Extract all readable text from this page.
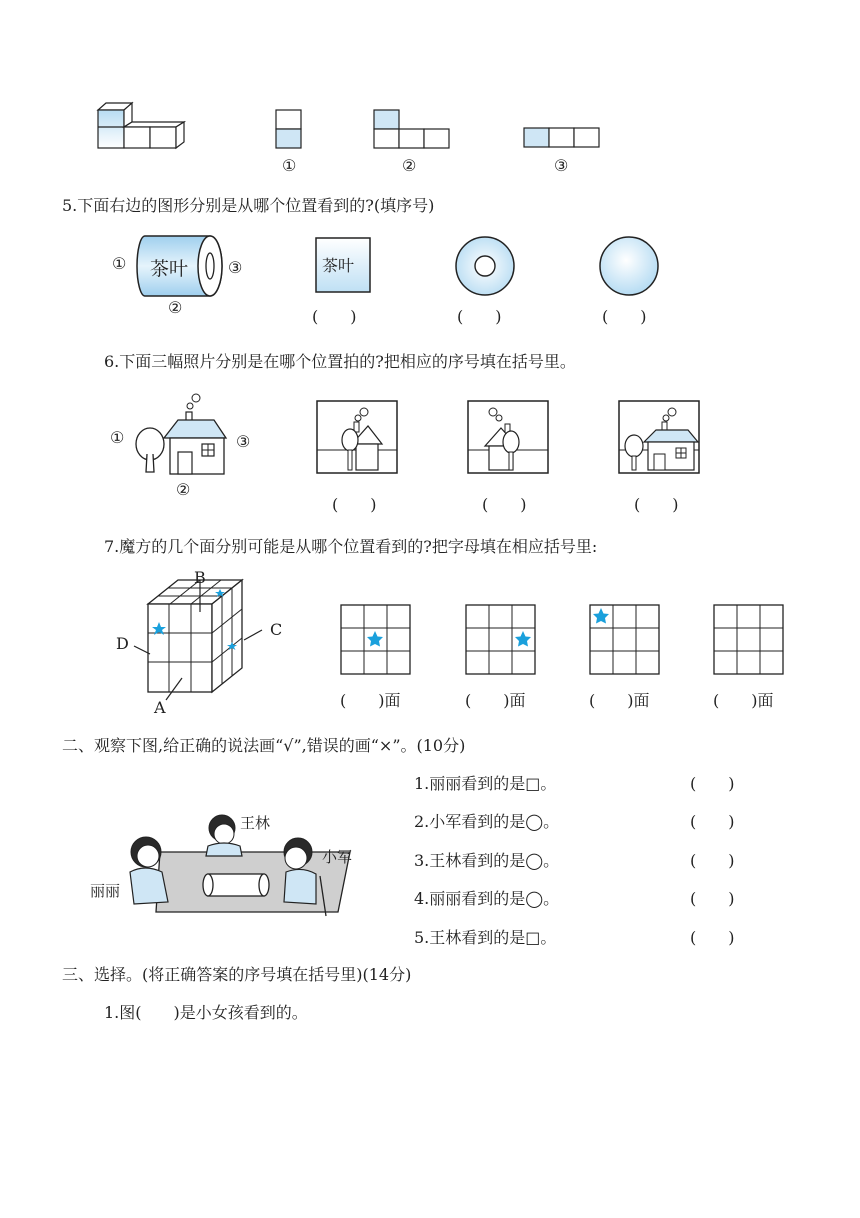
①	②	③
5.下面右边的图形分别是从哪个位置看到的?(填序号)
① 茶叶 ③
②
茶叶
(　　)	(　　)	(　　)
6.下面三幅照片分别是在哪个位置拍的?把相应的序号填在括号里。
①	③
②
(　　)	(　　)	(　　)
7.魔方的几个面分别可能是从哪个位置看到的?把字母填在相应括号里:
B
D
C
A	(　　)面	(　　)面	(　　)面	(　　)面
二、观察下图,给正确的说法画“√”,错误的画“×”。(10分)
王林
小军
丽丽
1.丽丽看到的是□。	(　　)
2.小军看到的是◯。	(　　)
3.王林看到的是◯。	(　　)
4.丽丽看到的是◯。	(　　)
5.王林看到的是□。	(　　)
三、选择。(将正确答案的序号填在括号里)(14分)
1.图(　　)是小女孩看到的。
